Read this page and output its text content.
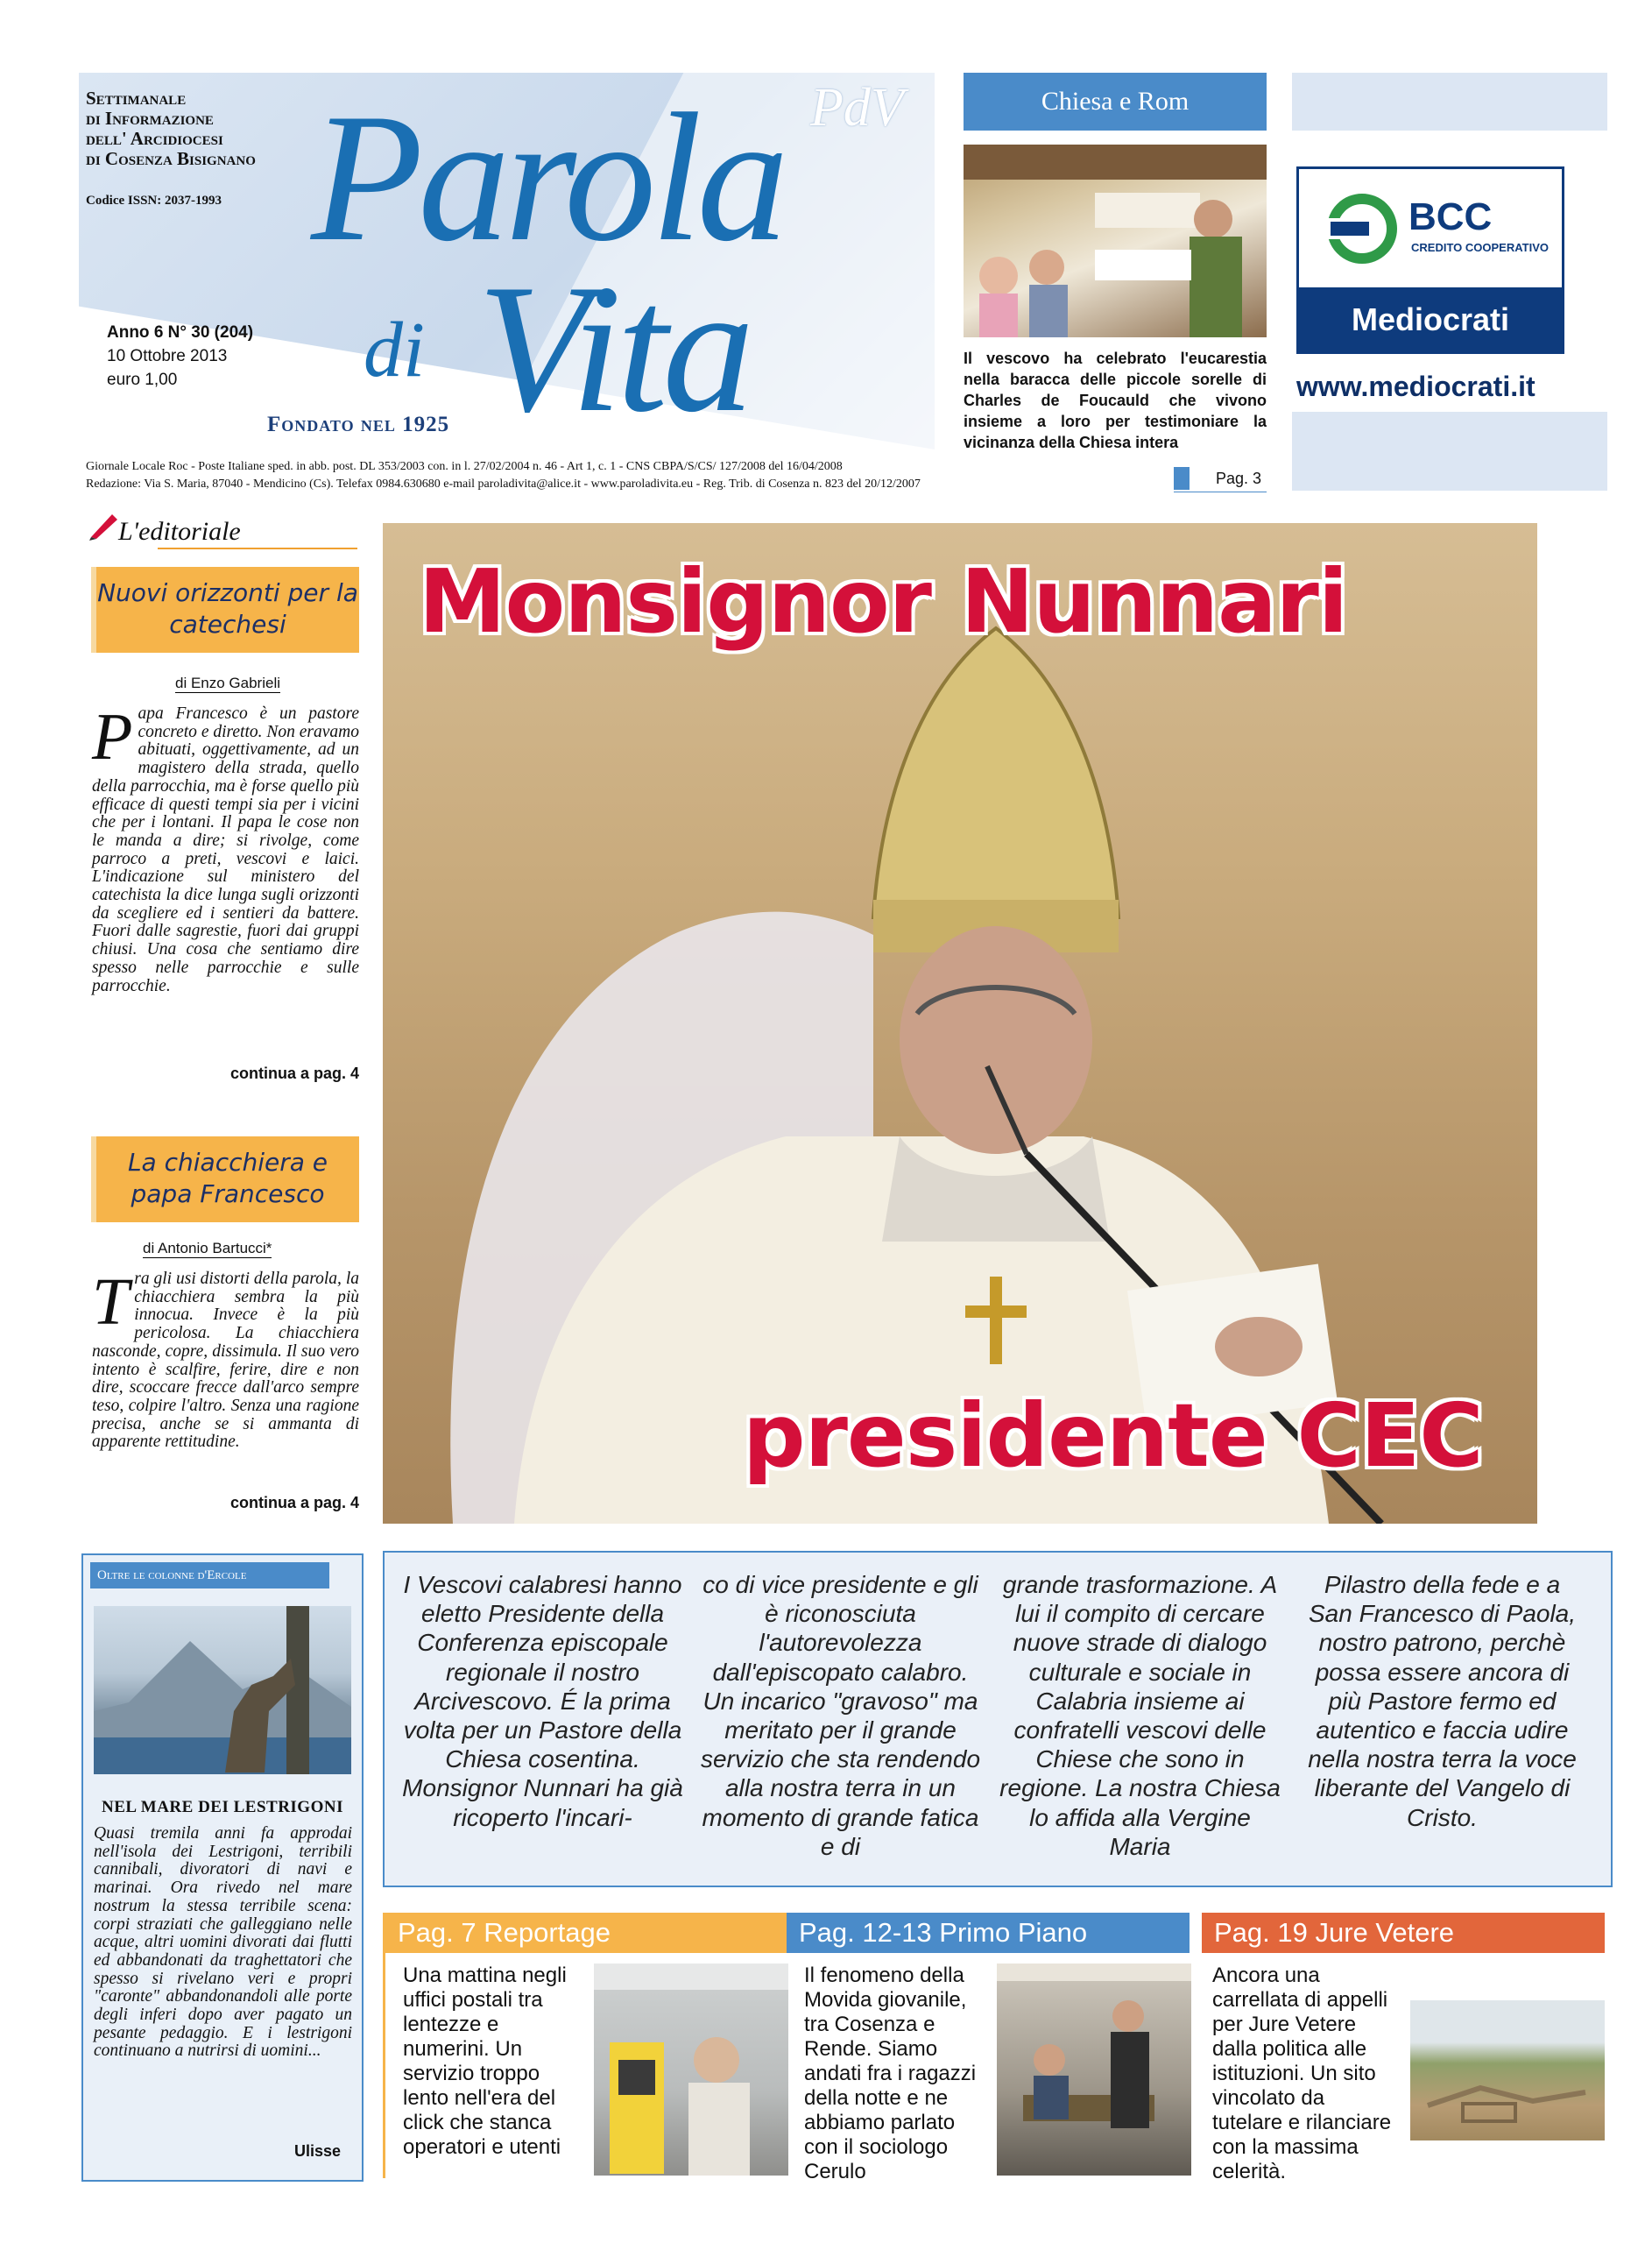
Settimanale
di Informazione
dell' Arcidiocesi
di Cosenza Bisignano
Codice ISSN: 2037-1993
Anno 6 N° 30 (204)
10 Ottobre 2013
euro 1,00
Parola
di Vita
PdV
Fondato nel 1925
Giornale Locale Roc - Poste Italiane sped. in abb. post. DL 353/2003 con. in l. 27/02/2004 n. 46 - Art 1, c. 1 - CNS CBPA/S/CS/ 127/2008 del 16/04/2008
Redazione: Via S. Maria, 87040 - Mendicino (Cs). Telefax 0984.630680 e-mail paroladivita@alice.it - www.paroladivita.eu - Reg. Trib. di Cosenza n. 823 del 20/12/2007
Chiesa e Rom
Il vescovo ha celebrato l'eucarestia nella baracca delle piccole sorelle di Charles de Foucauld che vivono insieme a loro per testimoniare la vicinanza della Chiesa intera
Pag. 3
BCC
CREDITO COOPERATIVO
Mediocrati
www.mediocrati.it
L'editoriale
Nuovi orizzonti per la catechesi
di Enzo Gabrieli
Papa Francesco è un pastore concreto e diretto. Non eravamo abituati, oggettivamente, ad un magistero della strada, quello della parrocchia, ma è forse quello più efficace di questi tempi sia per i vicini che per i lontani. Il papa le cose non le manda a dire; si rivolge, come parroco a preti, vescovi e laici. L'indicazione sul ministero del catechista la dice lunga sugli orizzonti da scegliere ed i sentieri da battere. Fuori dalle sagrestie, fuori dai gruppi chiusi. Una cosa che sentiamo dire spesso nelle parrocchie e sulle parrocchie.
continua a pag. 4
La chiacchiera e papa Francesco
di Antonio Bartucci*
Tra gli usi distorti della parola, la chiacchiera sembra la più innocua. Invece è la più pericolosa. La chiacchiera nasconde, copre, dissimula. Il suo vero intento è scalfire, ferire, dire e non dire, scoccare frecce dall'arco sempre teso, colpire l'altro. Senza una ragione precisa, anche se si ammanta di apparente rettitudine.
continua a pag. 4
Monsignor Nunnari
presidente CEC
Oltre le colonne d'Ercole
NEL MARE DEI LESTRIGONI
Quasi tremila anni fa approdai nell'isola dei Lestrigoni, terribili cannibali, divoratori di navi e marinai. Ora rivedo nel mare nostrum la stessa terribile scena: corpi straziati che galleggiano nelle acque, altri uomini divorati dai flutti ed abbandonati da traghettatori che spesso si rivelano veri e propri "caronte" abbandonandoli alle porte degli inferi dopo aver pagato un pesante pedaggio. E i lestrigoni continuano a nutrirsi di uomini...
Ulisse
I Vescovi calabresi hanno eletto Presidente della Conferenza episcopale regionale il nostro Arcivescovo. É la prima volta per un Pastore della Chiesa cosentina. Monsignor Nunnari ha già ricoperto l'incari-
co di vice presidente e gli è riconosciuta l'autorevolezza dall'episcopato calabro. Un incarico "gravoso" ma meritato per il grande servizio che sta rendendo alla nostra terra in un momento di grande fatica e di
grande trasformazione. A lui il compito di cercare nuove strade di dialogo culturale e sociale in Calabria insieme ai confratelli vescovi delle Chiese che sono in regione. La nostra Chiesa lo affida alla Vergine Maria
Pilastro della fede e a San Francesco di Paola, nostro patrono, perchè possa essere ancora di più Pastore fermo ed autentico e faccia udire nella nostra terra la voce liberante del Vangelo di Cristo.
Pag. 7 Reportage
Una mattina negli uffici postali tra lentezze e numerini. Un servizio troppo lento nell'era del click che stanca operatori e utenti
Pag. 12-13 Primo Piano
Il fenomeno della Movida giovanile, tra Cosenza e Rende. Siamo andati fra i ragazzi della notte e ne abbiamo parlato con il sociologo Cerulo
Pag. 19 Jure Vetere
Ancora una carrellata di appelli per Jure Vetere dalla politica alle istituzioni. Un sito vincolato da tutelare e rilanciare con la massima celerità.
